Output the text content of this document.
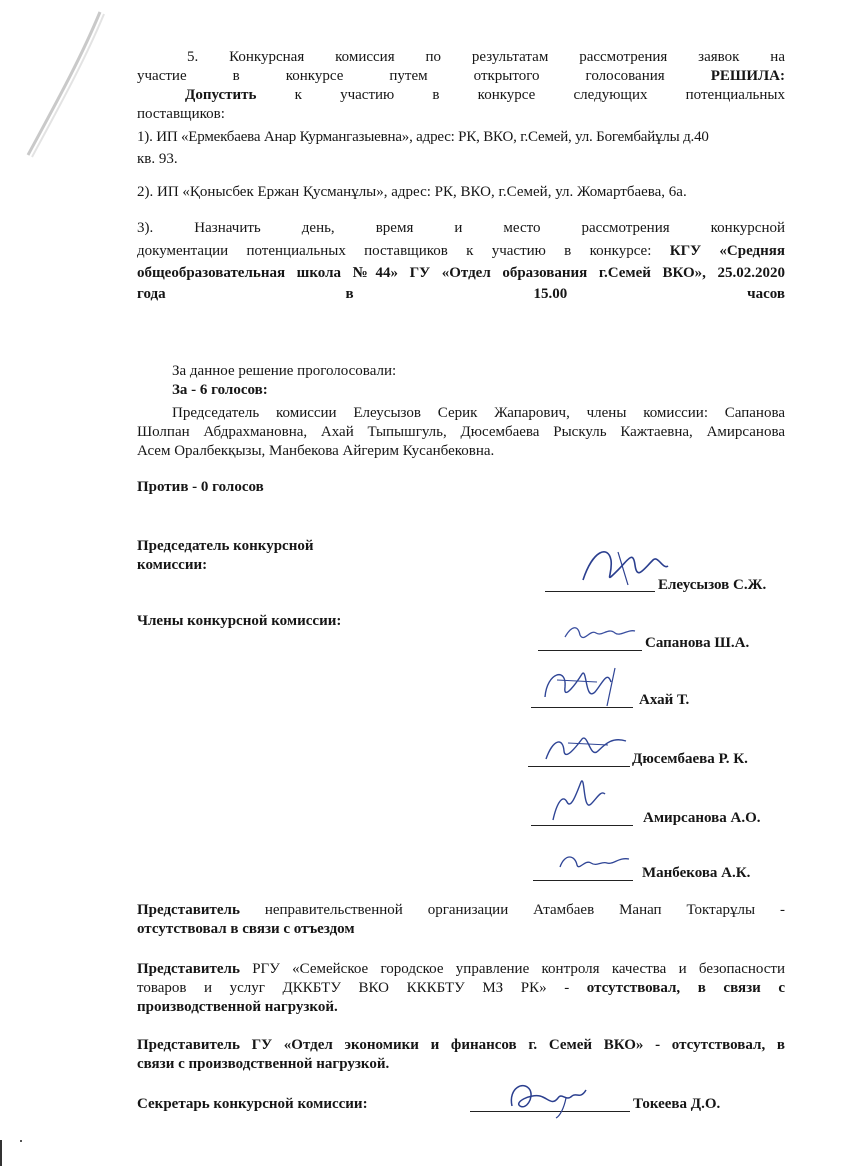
5. Конкурсная комиссия по результатам рассмотрения заявок на
участие в конкурсе путем открытого голосования	РЕШИЛА:
Допустить	к участию в конкурсе следующих потенциальных
поставщиков:
1). ИП «Ермекбаева Анар Курмангазыевна», адрес: РК, ВКО, г.Семей, ул. Богембайұлы д.40
кв. 93.
2). ИП «Қонысбек Ержан Қусманұлы», адрес: РК, ВКО, г.Семей, ул. Жомартбаева, 6а.
3). Назначить день, время и место рассмотрения конкурсной
документации потенциальных поставщиков к участию в конкурсе: КГУ «Средняя
общеобразовательная школа №44» ГУ «Отдел образования г.Семей ВКО», 25.02.2020
года	в	15.00	часов
За данное решение проголосовали:
За - 6 голосов:
Председатель комиссии Елеусызов Серик Жапарович, члены комиссии: Сапанова
Шолпан Абдрахмановна, Ахай Тыпышгуль, Дюсембаева Рыскуль Кажтаевна, Амирсанова
Асем Оралбекқызы, Манбекова Айгерим Кусанбековна.
Против - 0 голосов
Председатель конкурсной
комиссии:
Елеусызов С.Ж.
Члены конкурсной комиссии:
Сапанова Ш.А.
Ахай Т.
Дюсембаева Р. К.
Амирсанова А.О.
Манбекова А.К.
Представитель неправительственной организации Атамбаев Манап Токтарұлы -
отсутствовал в связи с отъездом
Представитель РГУ «Семейское городское управление контроля качества и безопасности
товаров и услуг ДККБТУ ВКО КККБТУ МЗ РК» - отсутствовал, в связи с
производственной нагрузкой.
Представитель ГУ «Отдел экономики и финансов г. Семей ВКО» - отсутствовал, в
связи с производственной нагрузкой.
Секретарь конкурсной комиссии:	Токеева Д.О.
